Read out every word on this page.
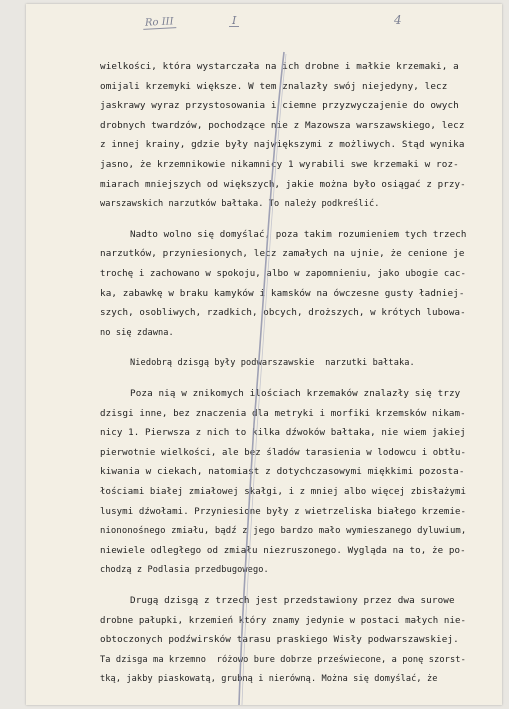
Ro III	I	4
wielkości, która wystarczała na ich drobne i małkie krzemaki, a
omijali krzemyki większe. W tem znalazły swój niejedyny, lecz
jaskrawy wyraz przystosowania i ciemne przyzwyczajenie do owych
drobnych twardzów, pochodzące nie z Mazowsza warszawskiego, lecz
z innej krainy, gdzie były największymi z możliwych. Stąd wynika
jasno, że krzemnikowie nikamnicy 1 wyrabili swe krzemaki w roz-
miarach mniejszych od większych, jakie można było osiągać z przy-
warszawskich narzutków bałtaka. To należy podkreślić.
Nadto wolno się domyślać, poza takim rozumieniem tych trzech
narzutków, przyniesionych, lecz zamałych na ujnie, że cenione je
trochę i zachowano w spokoju, albo w zapomnieniu, jako ubogie cac-
ka, zabawkę w braku kamyków i kamsków na ówczesne gusty ładniej-
szych, osobliwych, rzadkich, obcych, droższych, w krótych lubowa-
no się zdawna.
Niedobrą dzisgą były podwarszawskie  narzutki bałtaka.
Poza nią w znikomych ilościach krzemaków znalazły się trzy
dzisgi inne, bez znaczenia dla metryki i morfiki krzemsków nikam-
nicy 1. Pierwsza z nich to kilka dźwoków bałtaka, nie wiem jakiej
pierwotnie wielkości, ale bez śladów tarasienia w lodowcu i obtłu-
kiwania w ciekach, natomiast z dotychczasowymi miękkimi pozosta-
łościami białej zmiałowej skałgi, i z mniej albo więcej zbisłażymi
lusymi dźwołami. Przyniesione były z wietrzeliska białego krzemie-
niononośnego zmiału, bądź z jego bardzo mało wymieszanego dyluwium,
niewiele odległego od zmiału niezruszonego. Wygląda na to, że po-
chodzą z Podlasia przedbugowego.
Drugą dzisgą z trzech jest przedstawiony przez dwa surowe
drobne pałupki, krzemień który znamy jedynie w postaci małych nie-
obtoczonych podźwirsków tarasu praskiego Wisły podwarszawskiej.
Ta dzisga ma krzemno  różowo bure dobrze przeświecone, a ponę szorst-
tką, jakby piaskowatą, grubną i nierówną. Można się domyślać, że
